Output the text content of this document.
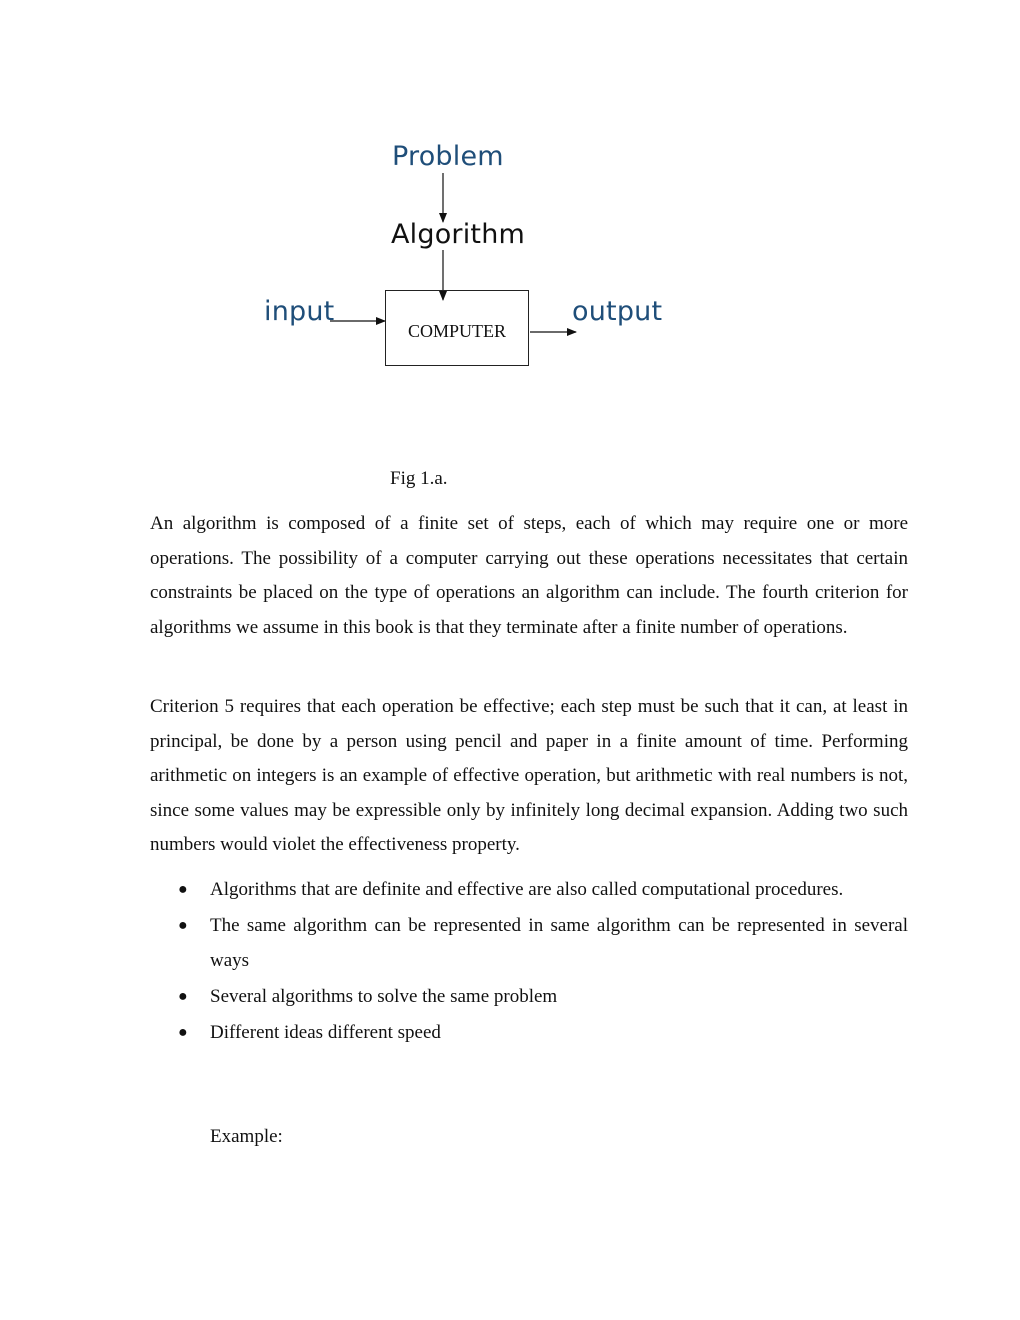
Problem
Algorithm
input	output
COMPUTER
Fig 1.a.

An algorithm is composed of a finite set of steps, each of which may require one or more operations. The possibility of a computer carrying out these operations necessitates that certain constraints be placed on the type of operations an algorithm can include. The fourth criterion for algorithms we assume in this book is that they terminate after a finite number of operations.

Criterion 5 requires that each operation be effective; each step must be such that it can, at least in principal, be done by a person using pencil and paper in a finite amount of time. Performing arithmetic on integers is an example of effective operation, but arithmetic with real numbers is not, since some values may be expressible only by infinitely long decimal expansion. Adding two such numbers would violet the effectiveness property.

● Algorithms that are definite and effective are also called computational procedures.
● The same algorithm can be represented in same algorithm can be represented in several ways
● Several algorithms to solve the same problem
● Different ideas different speed
Example:
